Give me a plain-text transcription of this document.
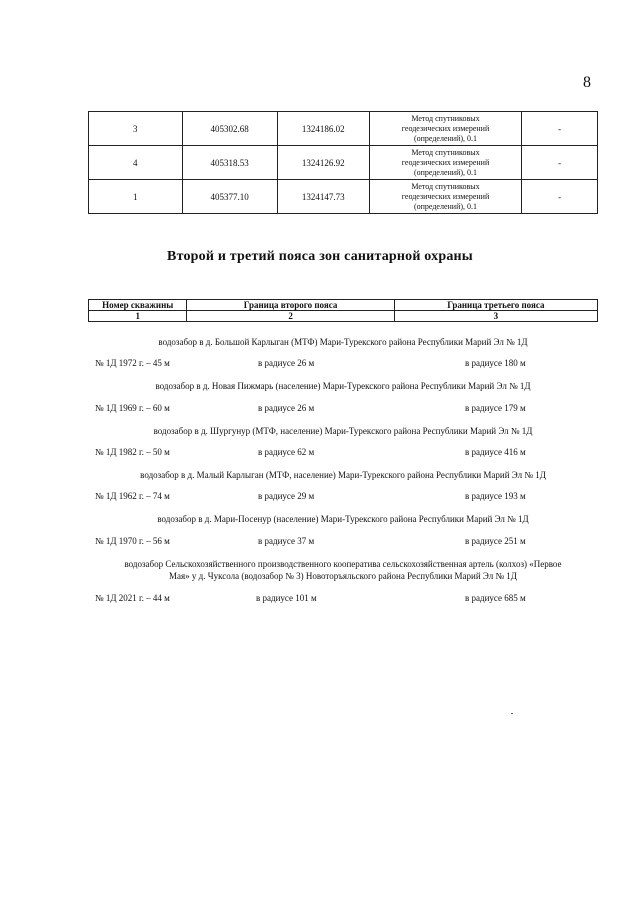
8
3	405302.68	1324186.02	Метод спутниковых
геодезических измерений
(определений), 0.1	-
4	405318.53	1324126.92	Метод спутниковых
геодезических измерений
(определений), 0.1	-
1	405377.10	1324147.73	Метод спутниковых
геодезических измерений
(определений), 0.1	-
Второй и третий пояса зон санитарной охраны
Номер скважины	Граница второго пояса	Граница третьего пояса
1	2	3
водозабор в д. Большой Карлыган (МТФ) Мари-Турекского района Республики Марий Эл № 1Д
№ 1Д 1972 г. – 45 м	в радиусе 26 м	в радиусе 180 м
водозабор в д. Новая Пижмарь (население) Мари-Турекского района Республики Марий Эл № 1Д
№ 1Д 1969 г. – 60 м	в радиусе 26 м	в радиусе 179 м
водозабор в д. Шургунур (МТФ, население) Мари-Турекского района Республики Марий Эл № 1Д
№ 1Д 1982 г. – 50 м	в радиусе 62 м	в радиусе 416 м
водозабор в д. Малый Карлыган (МТФ, население) Мари-Турекского района Республики Марий Эл № 1Д
№ 1Д 1962 г. – 74 м	в радиусе 29 м	в радиусе 193 м
водозабор в д. Мари-Посенур (население) Мари-Турекского района Республики Марий Эл № 1Д
№ 1Д 1970 г. – 56 м	в радиусе 37 м	в радиусе 251 м
водозабор Сельскохозяйственного производственного кооператива сельскохозяйственная артель (колхоз) «Первое
Мая» у д. Чуксола (водозабор № 3) Новоторъяльского района Республики Марий Эл № 1Д
№ 1Д 2021 г. – 44 м	в радиусе 101 м	в радиусе 685 м
